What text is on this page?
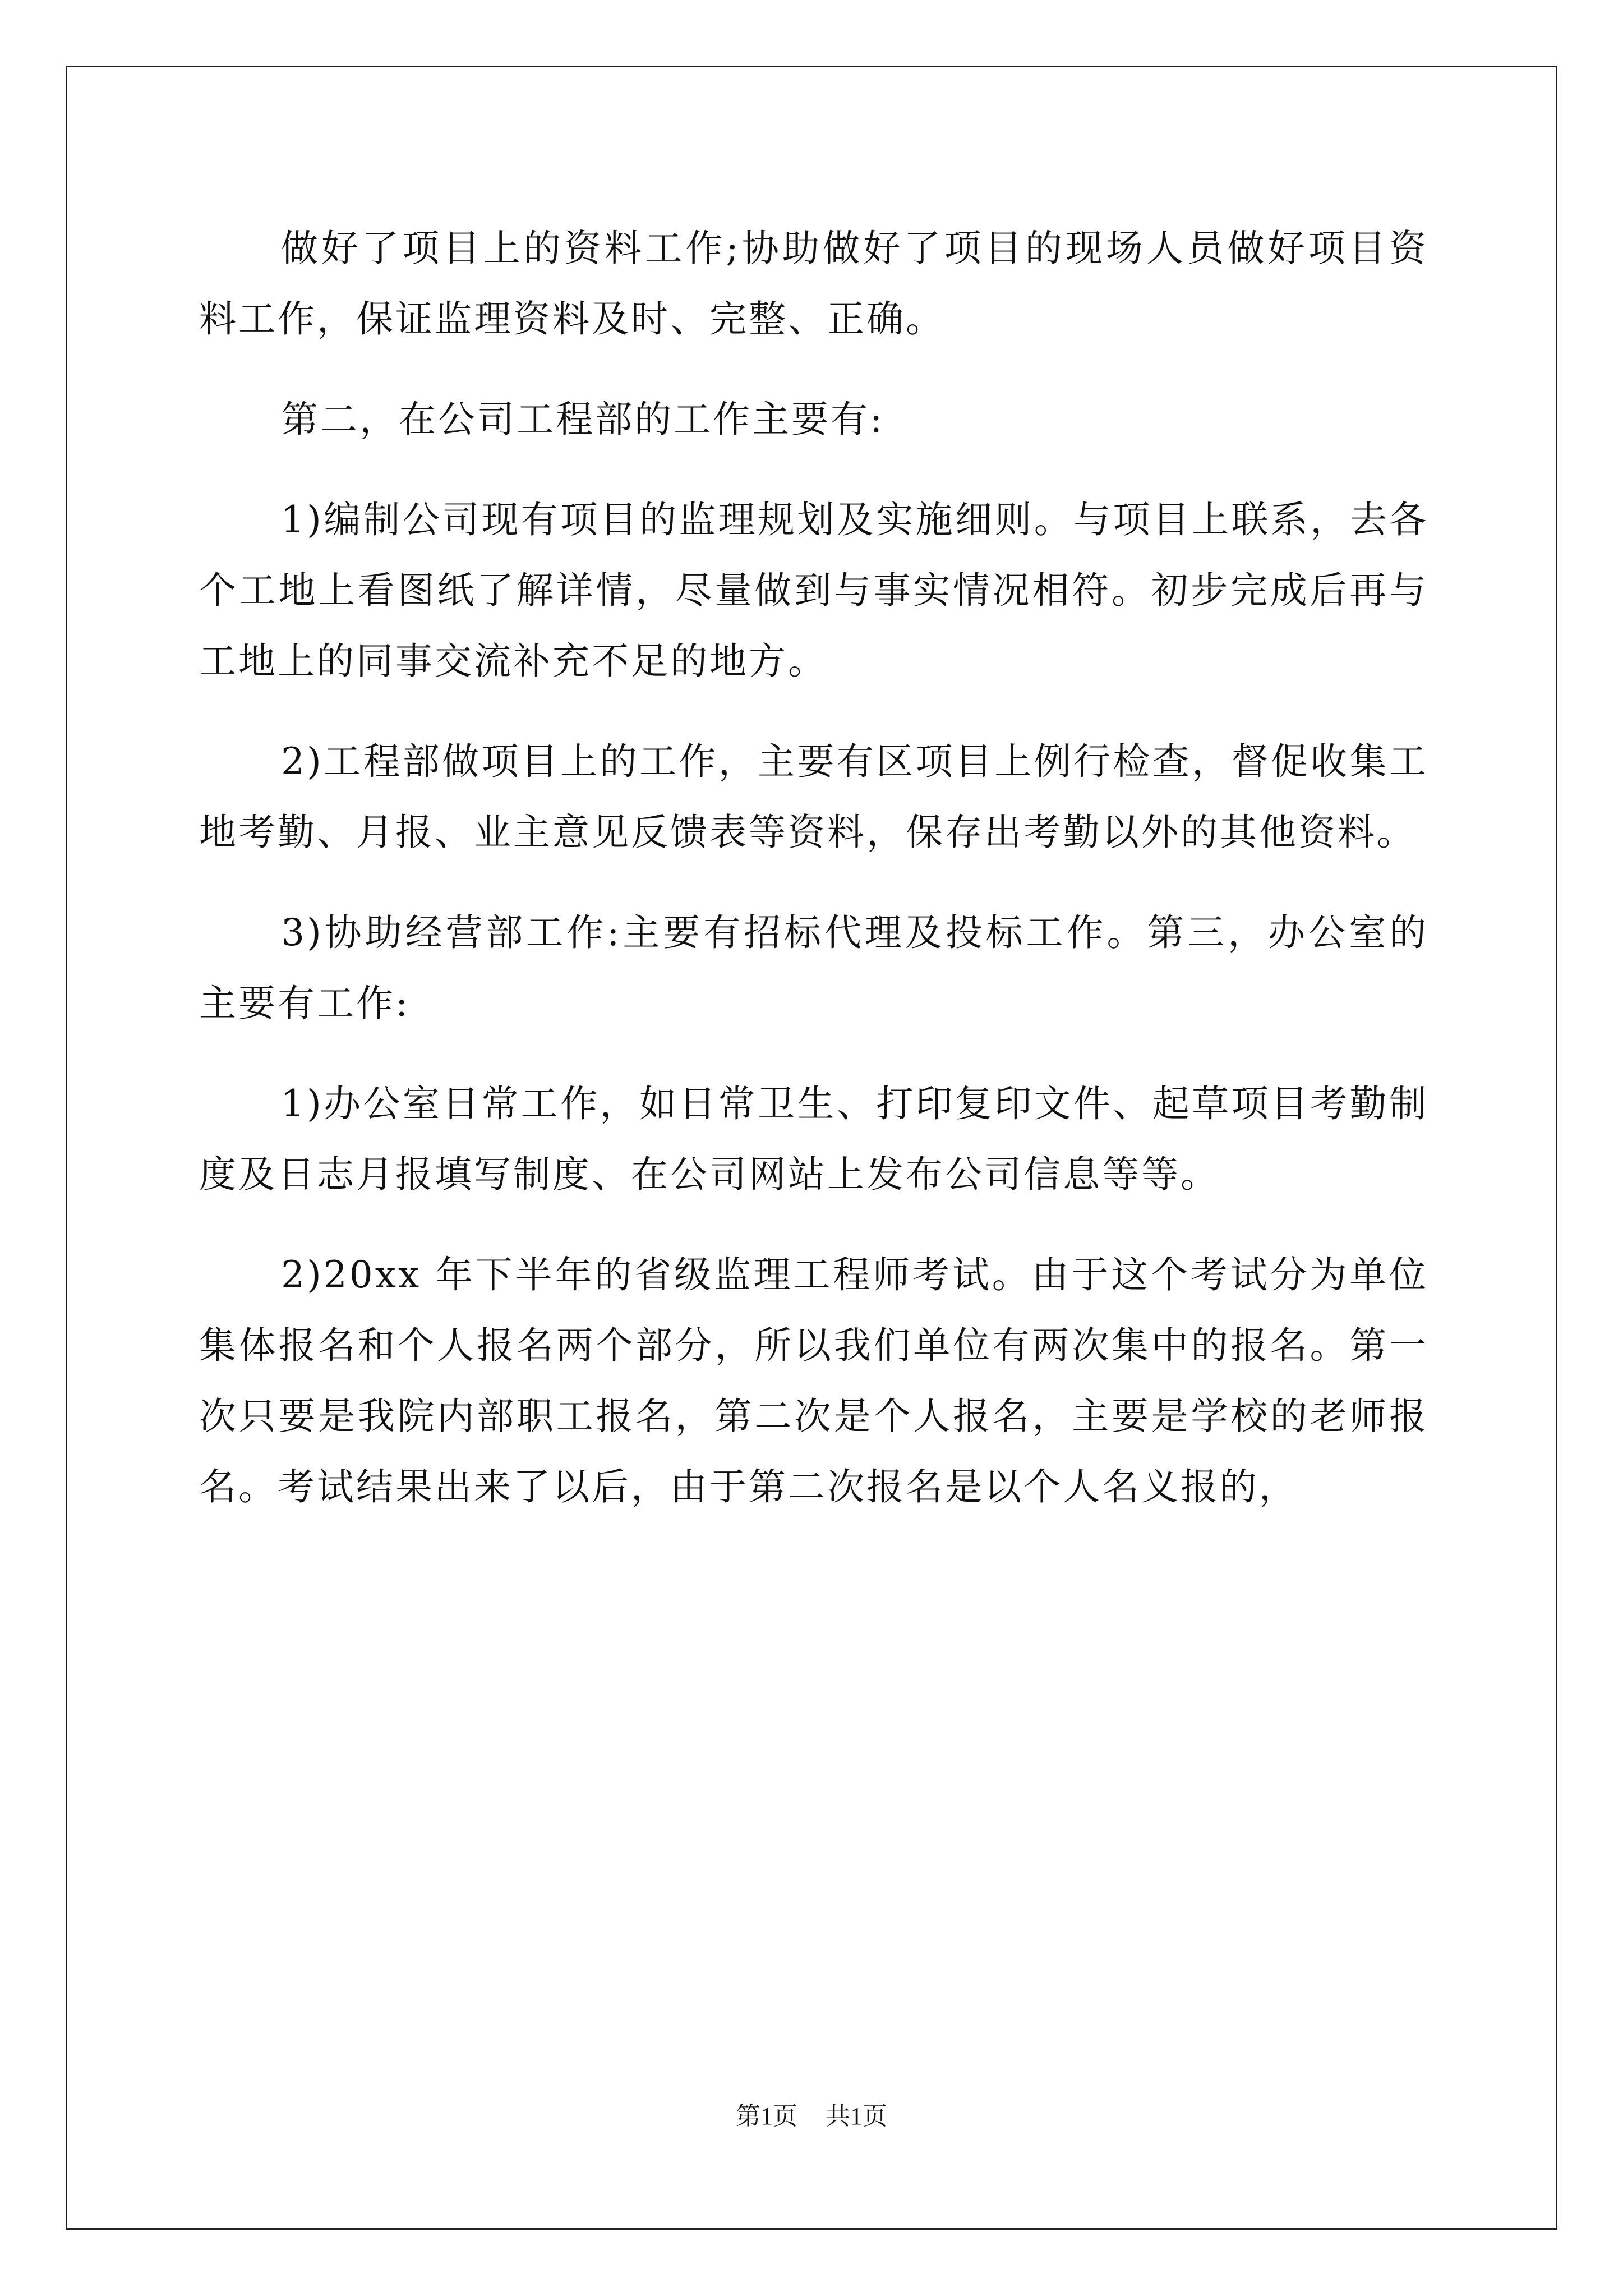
做好了项目上的资料工作;协助做好了项目的现场人员做好项目资料工作，保证监理资料及时、完整、正确。

第二，在公司工程部的工作主要有:

1)编制公司现有项目的监理规划及实施细则。与项目上联系，去各个工地上看图纸了解详情，尽量做到与事实情况相符。初步完成后再与工地上的同事交流补充不足的地方。

2)工程部做项目上的工作，主要有区项目上例行检查，督促收集工地考勤、月报、业主意见反馈表等资料，保存出考勤以外的其他资料。

3)协助经营部工作:主要有招标代理及投标工作。第三，办公室的主要有工作:

1)办公室日常工作，如日常卫生、打印复印文件、起草项目考勤制度及日志月报填写制度、在公司网站上发布公司信息等等。

2)20xx 年下半年的省级监理工程师考试。由于这个考试分为单位集体报名和个人报名两个部分，所以我们单位有两次集中的报名。第一次只要是我院内部职工报名，第二次是个人报名，主要是学校的老师报名。考试结果出来了以后，由于第二次报名是以个人名义报的，

第1页 共1页
